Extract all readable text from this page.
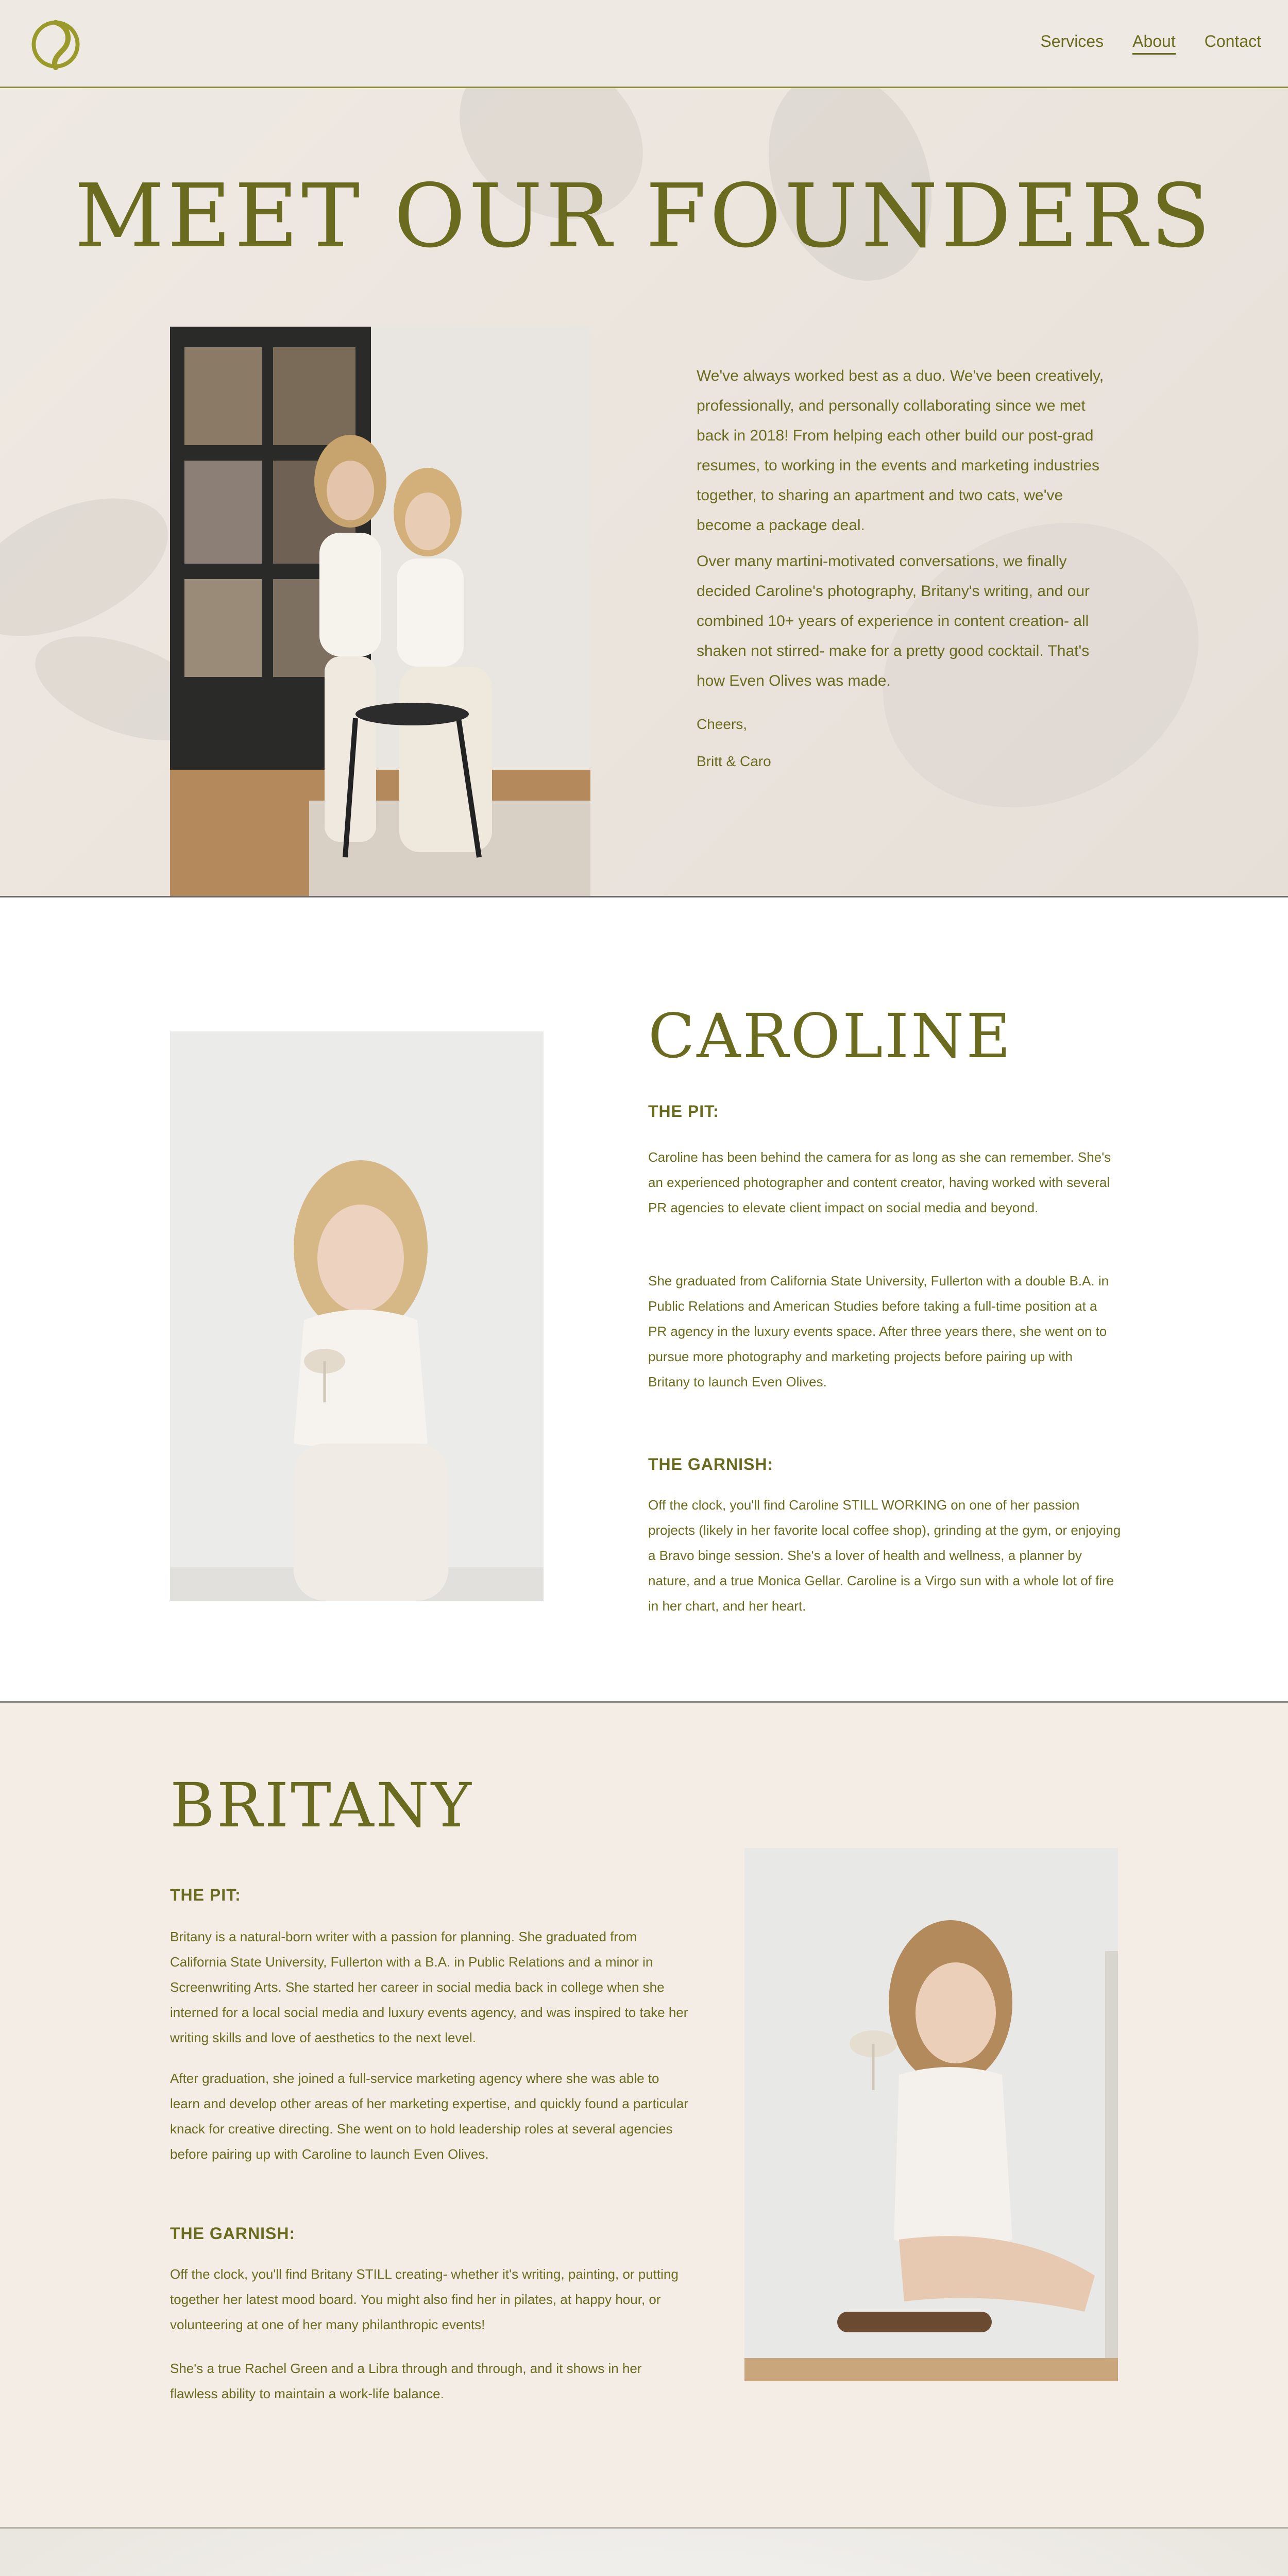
Services About Contact
MEET OUR FOUNDERS

We've always worked best as a duo. We've been creatively, professionally, and personally collaborating since we met back in 2018! From helping each other build our post-grad resumes, to working in the events and marketing industries together, to sharing an apartment and two cats, we've become a package deal.

Over many martini-motivated conversations, we finally decided Caroline's photography, Britany's writing, and our combined 10+ years of experience in content creation- all shaken not stirred- make for a pretty good cocktail. That's how Even Olives was made.

Cheers,

Britt & Caro

CAROLINE
THE PIT:

Caroline has been behind the camera for as long as she can remember. She's an experienced photographer and content creator, having worked with several PR agencies to elevate client impact on social media and beyond.

She graduated from California State University, Fullerton with a double B.A. in Public Relations and American Studies before taking a full-time position at a PR agency in the luxury events space. After three years there, she went on to pursue more photography and marketing projects before pairing up with Britany to launch Even Olives.

THE GARNISH:

Off the clock, you'll find Caroline STILL WORKING on one of her passion projects (likely in her favorite local coffee shop), grinding at the gym, or enjoying a Bravo binge session. She's a lover of health and wellness, a planner by nature, and a true Monica Gellar. Caroline is a Virgo sun with a whole lot of fire in her chart, and her heart.

BRITANY
THE PIT:

Britany is a natural-born writer with a passion for planning. She graduated from California State University, Fullerton with a B.A. in Public Relations and a minor in Screenwriting Arts. She started her career in social media back in college when she interned for a local social media and luxury events agency, and was inspired to take her writing skills and love of aesthetics to the next level.

After graduation, she joined a full-service marketing agency where she was able to learn and develop other areas of her marketing expertise, and quickly found a particular knack for creative directing. She went on to hold leadership roles at several agencies before pairing up with Caroline to launch Even Olives.

THE GARNISH:

Off the clock, you'll find Britany STILL creating- whether it's writing, painting, or putting together her latest mood board. You might also find her in pilates, at happy hour, or volunteering at one of her many philanthropic events!

She's a true Rachel Green and a Libra through and through, and it shows in her flawless ability to maintain a work-life balance.
